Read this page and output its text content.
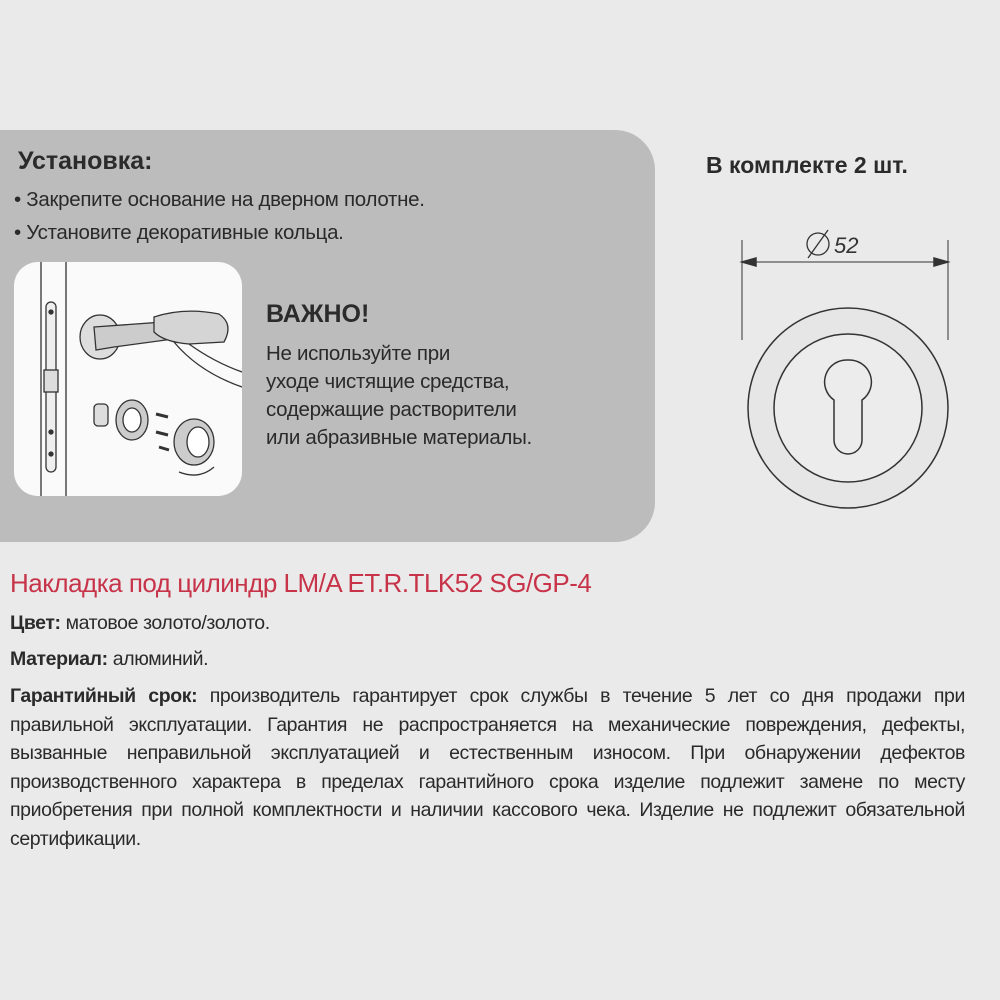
Установка:
• Закрепите основание на дверном полотне.
• Установите декоративные кольца.
ВАЖНО!
Не используйте при
уходе чистящие средства,
содержащие растворители
или абразивные материалы.
В комплекте 2 шт.
52
Накладка под цилиндр LM/A ET.R.TLK52 SG/GP-4
Цвет: матовое золото/золото.
Материал: алюминий.
Гарантийный срок: производитель гарантирует срок службы в течение 5 лет со дня продажи при правильной эксплуатации. Гарантия не распространяется на механические повреждения, дефекты, вызванные неправильной эксплуатацией и естественным износом. При обнаружении дефектов производственного характера в пределах гарантийного срока изделие подлежит замене по месту приобретения при полной комплектности и наличии кассового чека. Изделие не подлежит обязательной сертификации.
